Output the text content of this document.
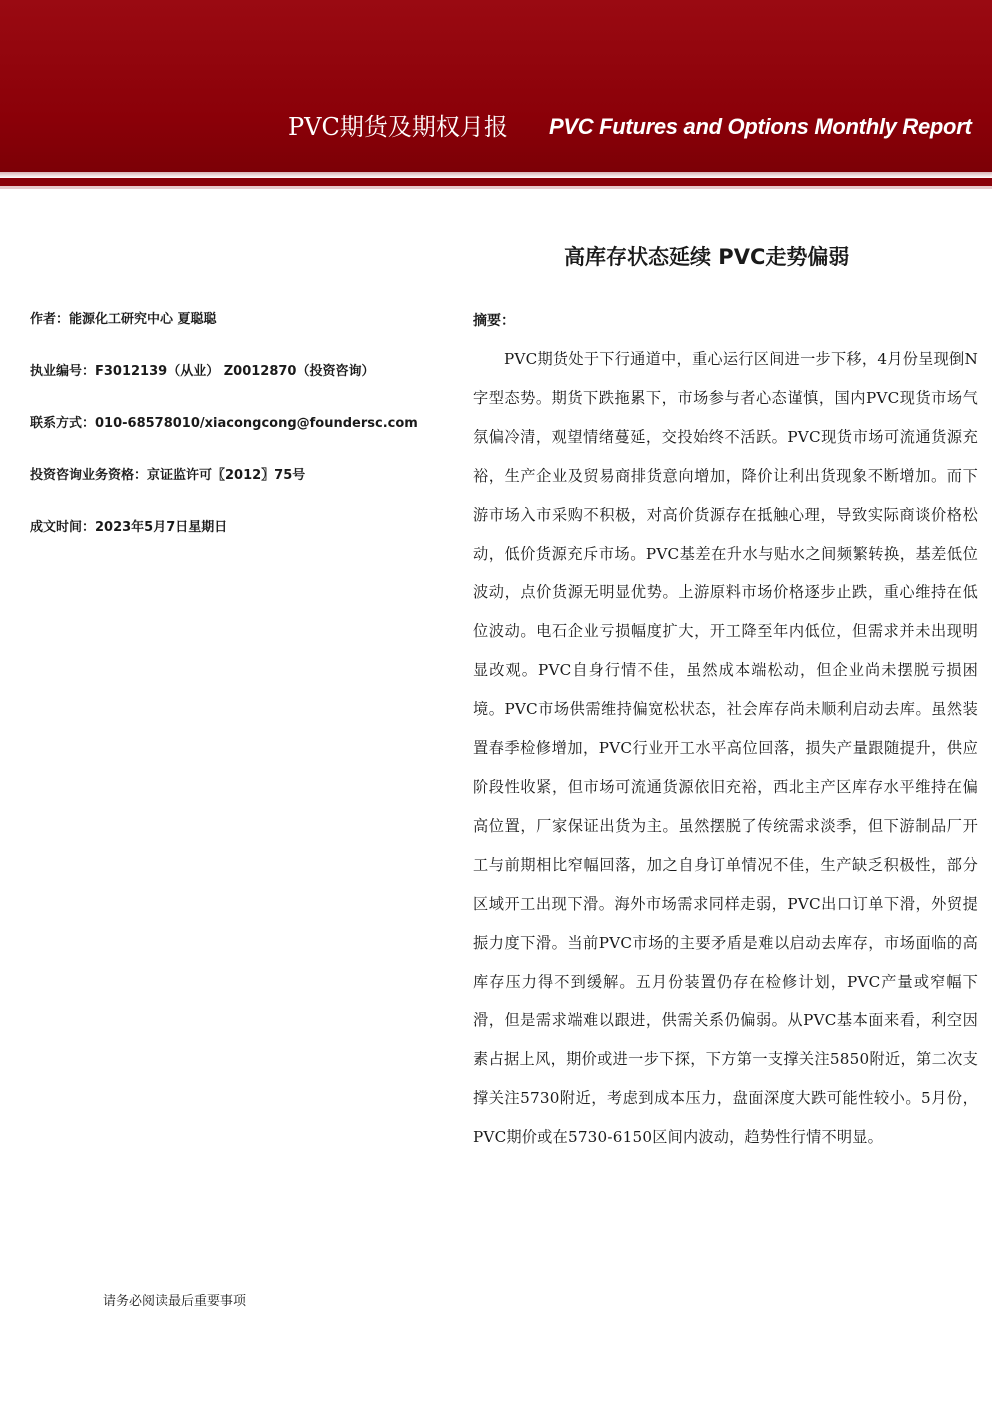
PVC期货及期权月报 PVC Futures and Options Monthly Report
高库存状态延续 PVC走势偏弱
作者：能源化工研究中心 夏聪聪
执业编号：F3012139（从业） Z0012870（投资咨询）
联系方式：010-68578010/xiacongcong@foundersc.com
投资咨询业务资格：京证监许可〖2012〗75号
成文时间：2023年5月7日星期日
摘要：
PVC期货处于下行通道中，重心运行区间进一步下移，4月份呈现倒N字型态势。期货下跌拖累下，市场参与者心态谨慎，国内PVC现货市场气氛偏冷清，观望情绪蔓延，交投始终不活跃。PVC现货市场可流通货源充裕，生产企业及贸易商排货意向增加，降价让利出货现象不断增加。而下游市场入市采购不积极，对高价货源存在抵触心理，导致实际商谈价格松动，低价货源充斥市场。PVC基差在升水与贴水之间频繁转换，基差低位波动，点价货源无明显优势。上游原料市场价格逐步止跌，重心维持在低位波动。电石企业亏损幅度扩大，开工降至年内低位，但需求并未出现明显改观。PVC自身行情不佳，虽然成本端松动，但企业尚未摆脱亏损困境。PVC市场供需维持偏宽松状态，社会库存尚未顺利启动去库。虽然装置春季检修增加，PVC行业开工水平高位回落，损失产量跟随提升，供应阶段性收紧，但市场可流通货源依旧充裕，西北主产区库存水平维持在偏高位置，厂家保证出货为主。虽然摆脱了传统需求淡季，但下游制品厂开工与前期相比窄幅回落，加之自身订单情况不佳，生产缺乏积极性，部分区域开工出现下滑。海外市场需求同样走弱，PVC出口订单下滑，外贸提振力度下滑。当前PVC市场的主要矛盾是难以启动去库存，市场面临的高库存压力得不到缓解。五月份装置仍存在检修计划，PVC产量或窄幅下滑，但是需求端难以跟进，供需关系仍偏弱。从PVC基本面来看，利空因素占据上风，期价或进一步下探，下方第一支撑关注5850附近，第二次支撑关注5730附近，考虑到成本压力，盘面深度大跌可能性较小。5月份，PVC期价或在5730-6150区间内波动，趋势性行情不明显。
请务必阅读最后重要事项
